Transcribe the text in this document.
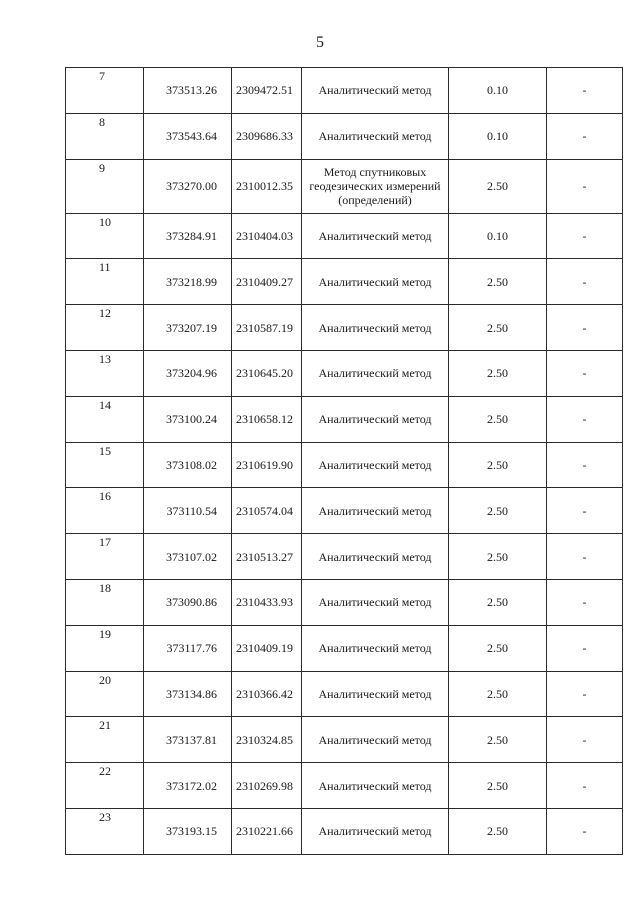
5
7	373513.26	2309472.51	Аналитический метод	0.10	-
8	373543.64	2309686.33	Аналитический метод	0.10	-
9	373270.00	2310012.35	Метод спутниковых геодезических измерений (определений)	2.50	-
10	373284.91	2310404.03	Аналитический метод	0.10	-
11	373218.99	2310409.27	Аналитический метод	2.50	-
12	373207.19	2310587.19	Аналитический метод	2.50	-
13	373204.96	2310645.20	Аналитический метод	2.50	-
14	373100.24	2310658.12	Аналитический метод	2.50	-
15	373108.02	2310619.90	Аналитический метод	2.50	-
16	373110.54	2310574.04	Аналитический метод	2.50	-
17	373107.02	2310513.27	Аналитический метод	2.50	-
18	373090.86	2310433.93	Аналитический метод	2.50	-
19	373117.76	2310409.19	Аналитический метод	2.50	-
20	373134.86	2310366.42	Аналитический метод	2.50	-
21	373137.81	2310324.85	Аналитический метод	2.50	-
22	373172.02	2310269.98	Аналитический метод	2.50	-
23	373193.15	2310221.66	Аналитический метод	2.50	-
